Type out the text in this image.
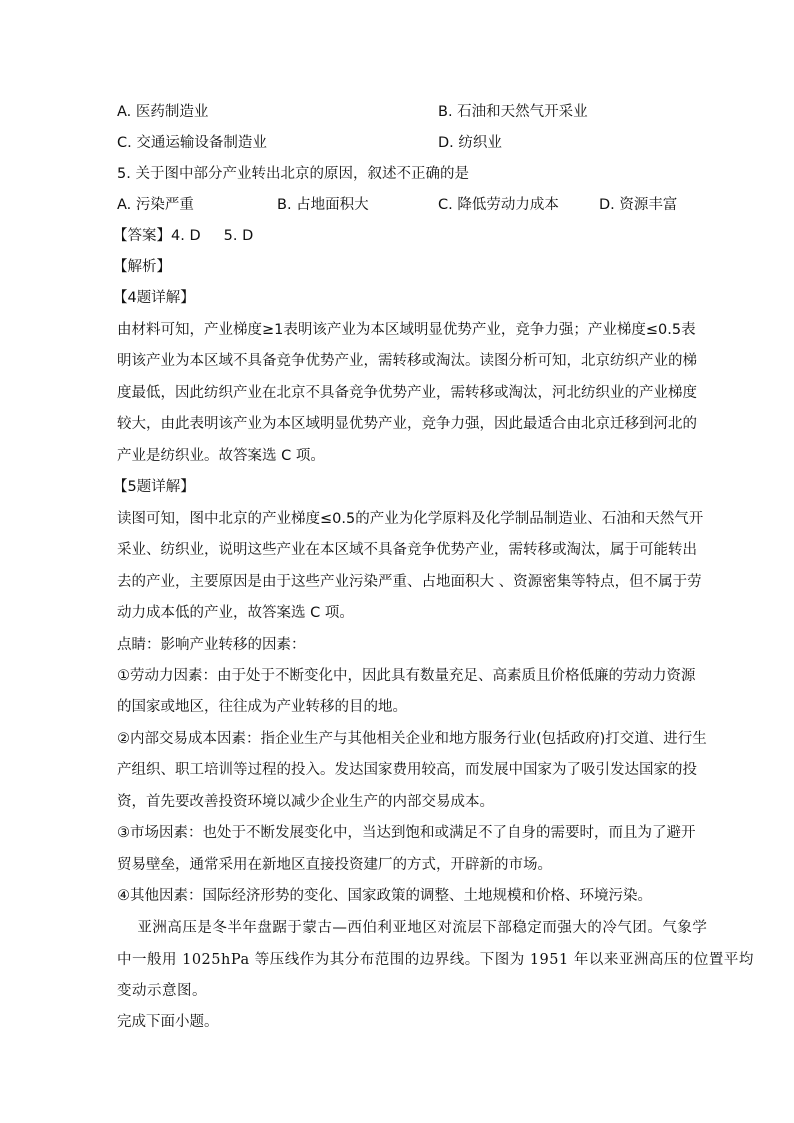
A. 医药制造业	B. 石油和天然气开采业
C. 交通运输设备制造业	D. 纺织业
5. 关于图中部分产业转出北京的原因，叙述不正确的是
A. 污染严重	B. 占地面积大	C. 降低劳动力成本	D. 资源丰富
【答案】4. D     5. D
【解析】
【4题详解】
由材料可知，产业梯度≥1表明该产业为本区域明显优势产业，竞争力强；产业梯度≤0.5表
明该产业为本区域不具备竞争优势产业，需转移或淘汰。读图分析可知，北京纺织产业的梯
度最低，因此纺织产业在北京不具备竞争优势产业，需转移或淘汰，河北纺织业的产业梯度
较大，由此表明该产业为本区域明显优势产业，竞争力强，因此最适合由北京迁移到河北的
产业是纺织业。故答案选 C 项。
【5题详解】
读图可知，图中北京的产业梯度≤0.5的产业为化学原料及化学制品制造业、石油和天然气开
采业、纺织业，说明这些产业在本区域不具备竞争优势产业，需转移或淘汰，属于可能转出
去的产业，主要原因是由于这些产业污染严重、占地面积大 、资源密集等特点，但不属于劳
动力成本低的产业，故答案选 C 项。
点睛：影响产业转移的因素：
①劳动力因素：由于处于不断变化中，因此具有数量充足、高素质且价格低廉的劳动力资源
的国家或地区，往往成为产业转移的目的地。
②内部交易成本因素：指企业生产与其他相关企业和地方服务行业(包括政府)打交道、进行生
产组织、职工培训等过程的投入。发达国家费用较高，而发展中国家为了吸引发达国家的投
资，首先要改善投资环境以减少企业生产的内部交易成本。
③市场因素：也处于不断发展变化中，当达到饱和或满足不了自身的需要时，而且为了避开
贸易壁垒，通常采用在新地区直接投资建厂的方式，开辟新的市场。
④其他因素：国际经济形势的变化、国家政策的调整、土地规模和价格、环境污染。
亚洲高压是冬半年盘踞于蒙古—西伯利亚地区对流层下部稳定而强大的冷气团。气象学
中一般用 1025hPa 等压线作为其分布范围的边界线。下图为 1951 年以来亚洲高压的位置平均
变动示意图。
完成下面小题。
